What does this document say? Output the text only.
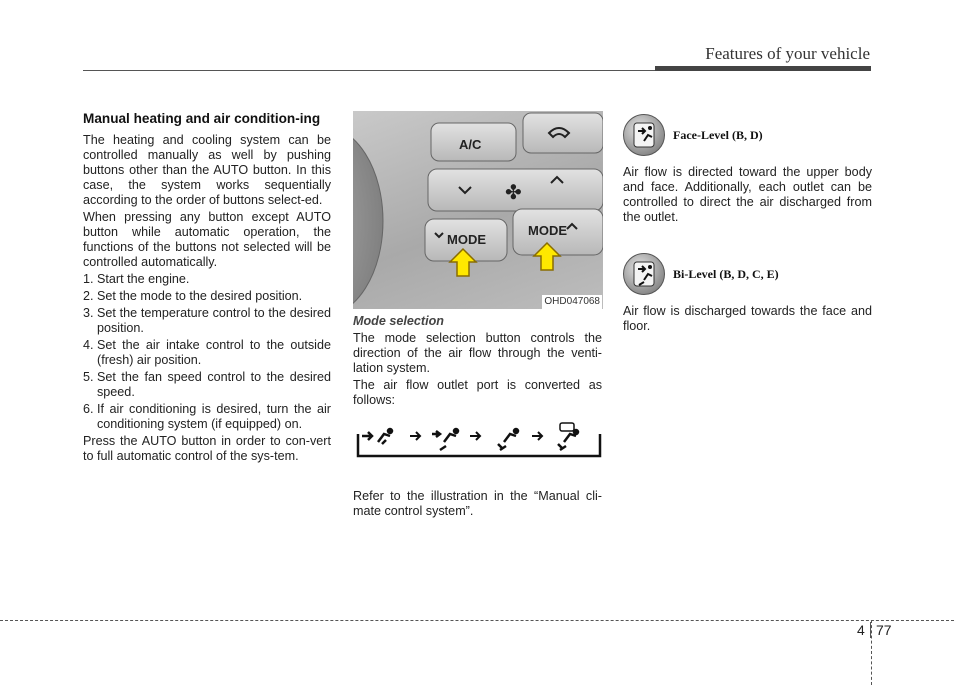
Features of your vehicle
Manual heating and air condition-ing
The heating and cooling system can be controlled manually as well by pushing buttons other than the AUTO button. In this case, the system works sequentially according to the order of buttons select-ed.
When pressing any button except AUTO button while automatic operation, the functions of the buttons not selected will be controlled automatically.
1. Start the engine.
2. Set the mode to the desired position.
3. Set the temperature control to the desired position.
4. Set the air intake control to the outside (fresh) air position.
5. Set the fan speed control to the desired speed.
6. If air conditioning is desired, turn the air conditioning system (if equipped) on.
Press the AUTO button in order to con-vert to full automatic control of the sys-tem.
A/C
✤
MODE
MODE
OHD047068
Mode selection
The mode selection button controls the direction of the air flow through the venti-lation system.
The air flow outlet port is converted as follows:
Refer to the illustration in the “Manual cli-mate control system”.
Face-Level (B, D)
Air flow is directed toward the upper body and face. Additionally, each outlet can be controlled to direct the air discharged from the outlet.
Bi-Level (B, D, C, E)
Air flow is discharged towards the face and floor.
4 77
